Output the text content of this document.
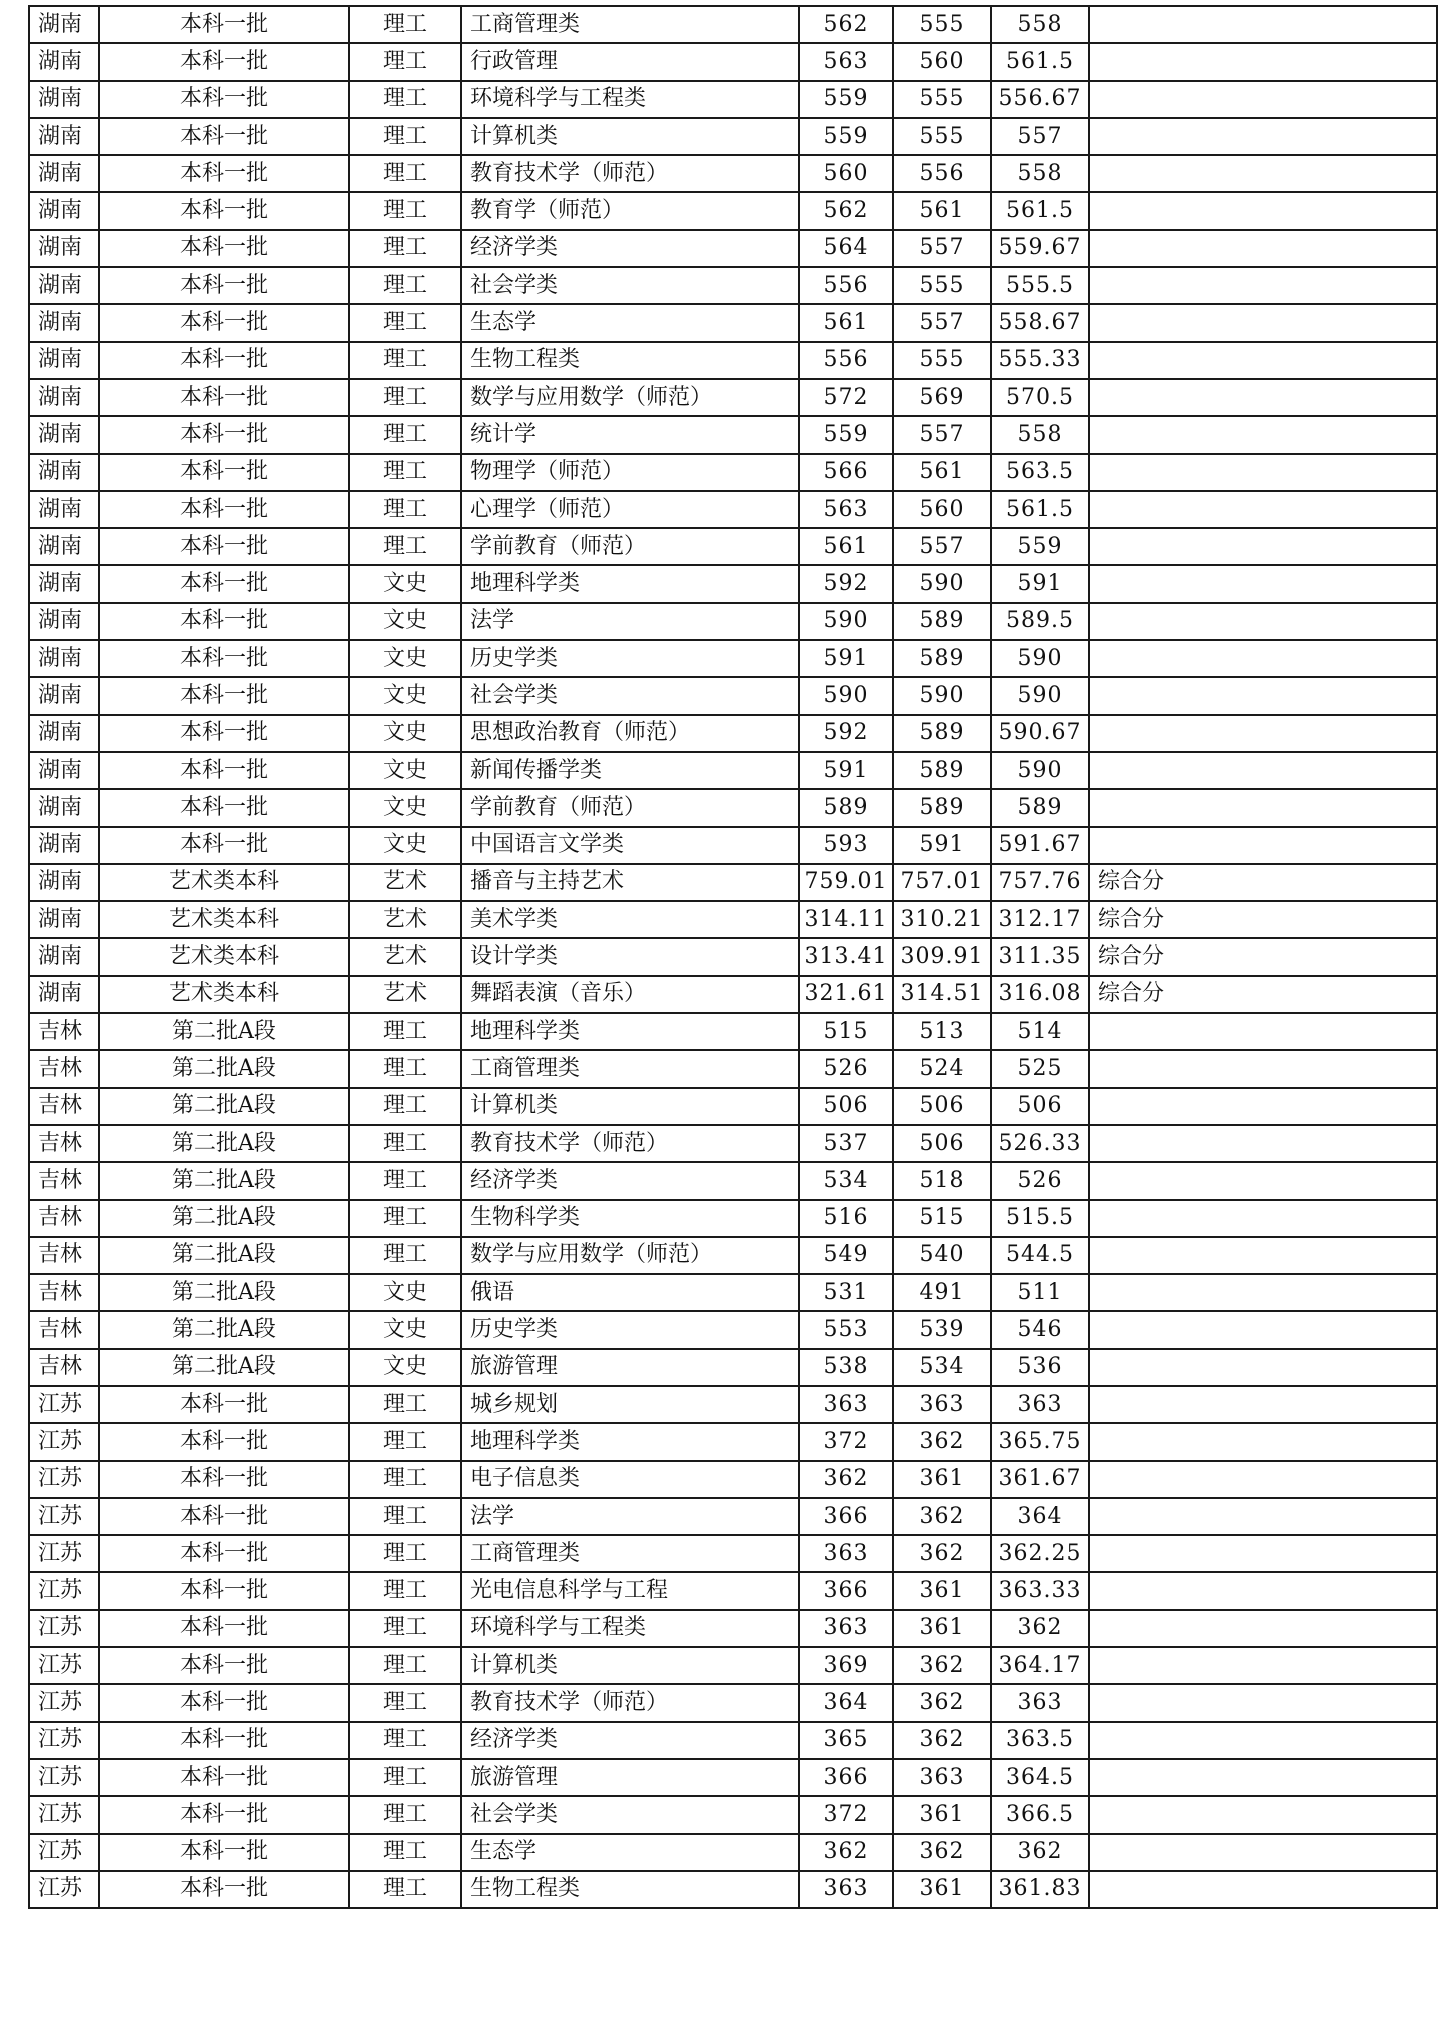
湖南	本科一批	理工	工商管理类	562	555	558	
湖南	本科一批	理工	行政管理	563	560	561.5	
湖南	本科一批	理工	环境科学与工程类	559	555	556.67	
湖南	本科一批	理工	计算机类	559	555	557	
湖南	本科一批	理工	教育技术学（师范）	560	556	558	
湖南	本科一批	理工	教育学（师范）	562	561	561.5	
湖南	本科一批	理工	经济学类	564	557	559.67	
湖南	本科一批	理工	社会学类	556	555	555.5	
湖南	本科一批	理工	生态学	561	557	558.67	
湖南	本科一批	理工	生物工程类	556	555	555.33	
湖南	本科一批	理工	数学与应用数学（师范）	572	569	570.5	
湖南	本科一批	理工	统计学	559	557	558	
湖南	本科一批	理工	物理学（师范）	566	561	563.5	
湖南	本科一批	理工	心理学（师范）	563	560	561.5	
湖南	本科一批	理工	学前教育（师范）	561	557	559	
湖南	本科一批	文史	地理科学类	592	590	591	
湖南	本科一批	文史	法学	590	589	589.5	
湖南	本科一批	文史	历史学类	591	589	590	
湖南	本科一批	文史	社会学类	590	590	590	
湖南	本科一批	文史	思想政治教育（师范）	592	589	590.67	
湖南	本科一批	文史	新闻传播学类	591	589	590	
湖南	本科一批	文史	学前教育（师范）	589	589	589	
湖南	本科一批	文史	中国语言文学类	593	591	591.67	
湖南	艺术类本科	艺术	播音与主持艺术	759.01	757.01	757.76	综合分
湖南	艺术类本科	艺术	美术学类	314.11	310.21	312.17	综合分
湖南	艺术类本科	艺术	设计学类	313.41	309.91	311.35	综合分
湖南	艺术类本科	艺术	舞蹈表演（音乐）	321.61	314.51	316.08	综合分
吉林	第二批A段	理工	地理科学类	515	513	514	
吉林	第二批A段	理工	工商管理类	526	524	525	
吉林	第二批A段	理工	计算机类	506	506	506	
吉林	第二批A段	理工	教育技术学（师范）	537	506	526.33	
吉林	第二批A段	理工	经济学类	534	518	526	
吉林	第二批A段	理工	生物科学类	516	515	515.5	
吉林	第二批A段	理工	数学与应用数学（师范）	549	540	544.5	
吉林	第二批A段	文史	俄语	531	491	511	
吉林	第二批A段	文史	历史学类	553	539	546	
吉林	第二批A段	文史	旅游管理	538	534	536	
江苏	本科一批	理工	城乡规划	363	363	363	
江苏	本科一批	理工	地理科学类	372	362	365.75	
江苏	本科一批	理工	电子信息类	362	361	361.67	
江苏	本科一批	理工	法学	366	362	364	
江苏	本科一批	理工	工商管理类	363	362	362.25	
江苏	本科一批	理工	光电信息科学与工程	366	361	363.33	
江苏	本科一批	理工	环境科学与工程类	363	361	362	
江苏	本科一批	理工	计算机类	369	362	364.17	
江苏	本科一批	理工	教育技术学（师范）	364	362	363	
江苏	本科一批	理工	经济学类	365	362	363.5	
江苏	本科一批	理工	旅游管理	366	363	364.5	
江苏	本科一批	理工	社会学类	372	361	366.5	
江苏	本科一批	理工	生态学	362	362	362	
江苏	本科一批	理工	生物工程类	363	361	361.83	
